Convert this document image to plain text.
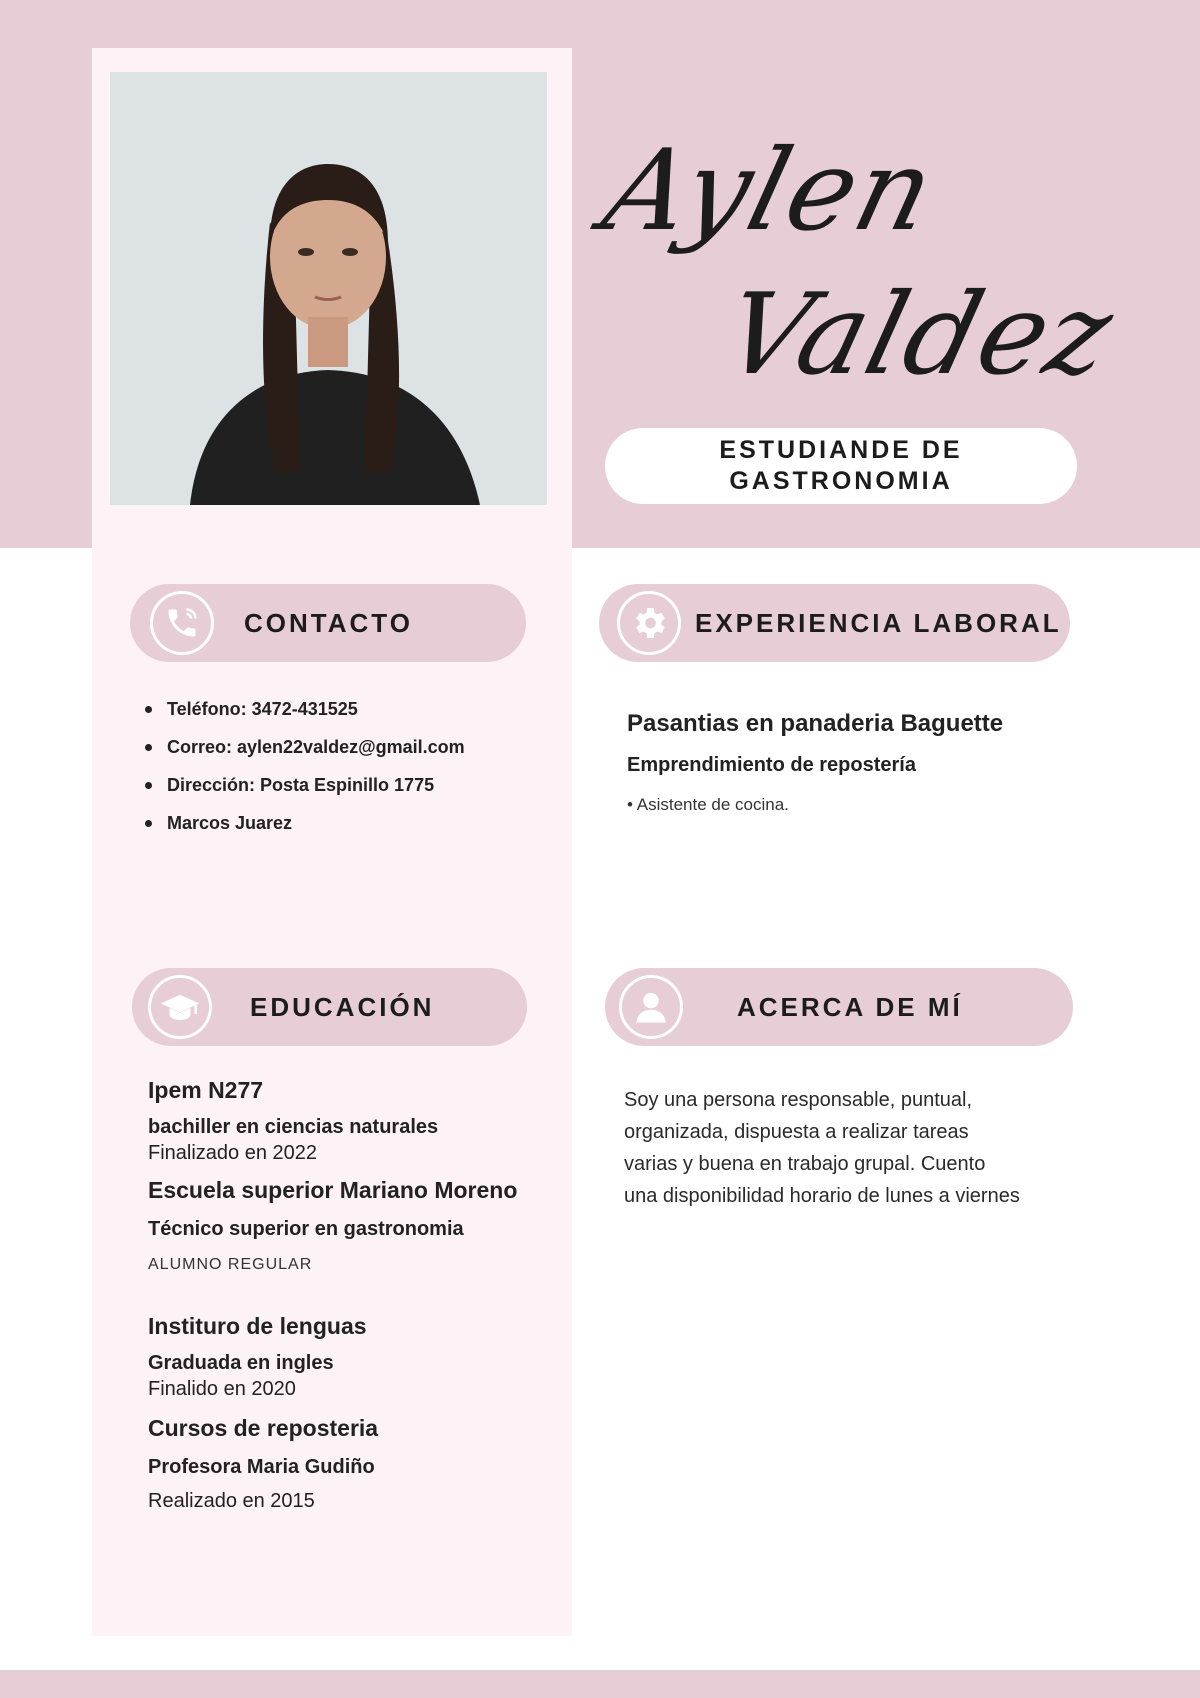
Aylen
Valdez
ESTUDIANDE DE GASTRONOMIA
CONTACTO
Teléfono: 3472-431525
Correo: aylen22valdez@gmail.com
Dirección: Posta Espinillo 1775
Marcos Juarez
EXPERIENCIA LABORAL
Pasantias en panaderia Baguette
Emprendimiento de repostería
• Asistente de cocina.
EDUCACIÓN
Ipem N277
bachiller en ciencias naturales
Finalizado en 2022
Escuela superior Mariano Moreno
Técnico superior en gastronomia
ALUMNO REGULAR
Instituro de lenguas
Graduada en ingles
Finalido en 2020
Cursos de reposteria
Profesora Maria Gudiño
Realizado en 2015
ACERCA DE MÍ
Soy una persona responsable, puntual, organizada, dispuesta a realizar tareas varias y buena en trabajo grupal. Cuento una disponibilidad horario de lunes a viernes
